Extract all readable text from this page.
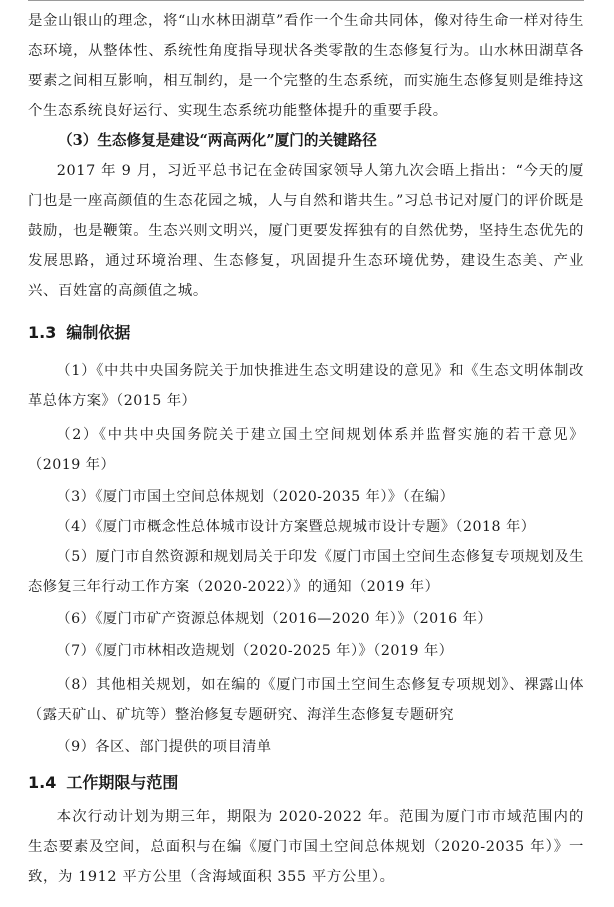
是金山银山的理念，将“山水林田湖草”看作一个生命共同体，像对待生命一样对待生态环境，从整体性、系统性角度指导现状各类零散的生态修复行为。山水林田湖草各要素之间相互影响，相互制约，是一个完整的生态系统，而实施生态修复则是维持这个生态系统良好运行、实现生态系统功能整体提升的重要手段。

（3）生态修复是建设“两高两化”厦门的关键路径

2017 年 9 月，习近平总书记在金砖国家领导人第九次会晤上指出：“今天的厦门也是一座高颜值的生态花园之城，人与自然和谐共生。”习总书记对厦门的评价既是鼓励，也是鞭策。生态兴则文明兴，厦门更要发挥独有的自然优势，坚持生态优先的发展思路，通过环境治理、生态修复，巩固提升生态环境优势，建设生态美、产业兴、百姓富的高颜值之城。

1.3 编制依据

（1）《中共中央国务院关于加快推进生态文明建设的意见》和《生态文明体制改革总体方案》（2015 年）

（2）《中共中央国务院关于建立国土空间规划体系并监督实施的若干意见》（2019 年）

（3）《厦门市国土空间总体规划（2020-2035 年）》（在编）

（4）《厦门市概念性总体城市设计方案暨总规城市设计专题》（2018 年）

（5）厦门市自然资源和规划局关于印发《厦门市国土空间生态修复专项规划及生态修复三年行动工作方案（2020-2022）》的通知（2019 年）

（6）《厦门市矿产资源总体规划（2016—2020 年）》（2016 年）

（7）《厦门市林相改造规划（2020-2025 年）》（2019 年）

（8）其他相关规划，如在编的《厦门市国土空间生态修复专项规划》、裸露山体（露天矿山、矿坑等）整治修复专题研究、海洋生态修复专题研究

（9）各区、部门提供的项目清单

1.4 工作期限与范围

本次行动计划为期三年，期限为 2020-2022 年。范围为厦门市市域范围内的生态要素及空间，总面积与在编《厦门市国土空间总体规划（2020-2035 年）》一致，为 1912 平方公里（含海域面积 355 平方公里）。
